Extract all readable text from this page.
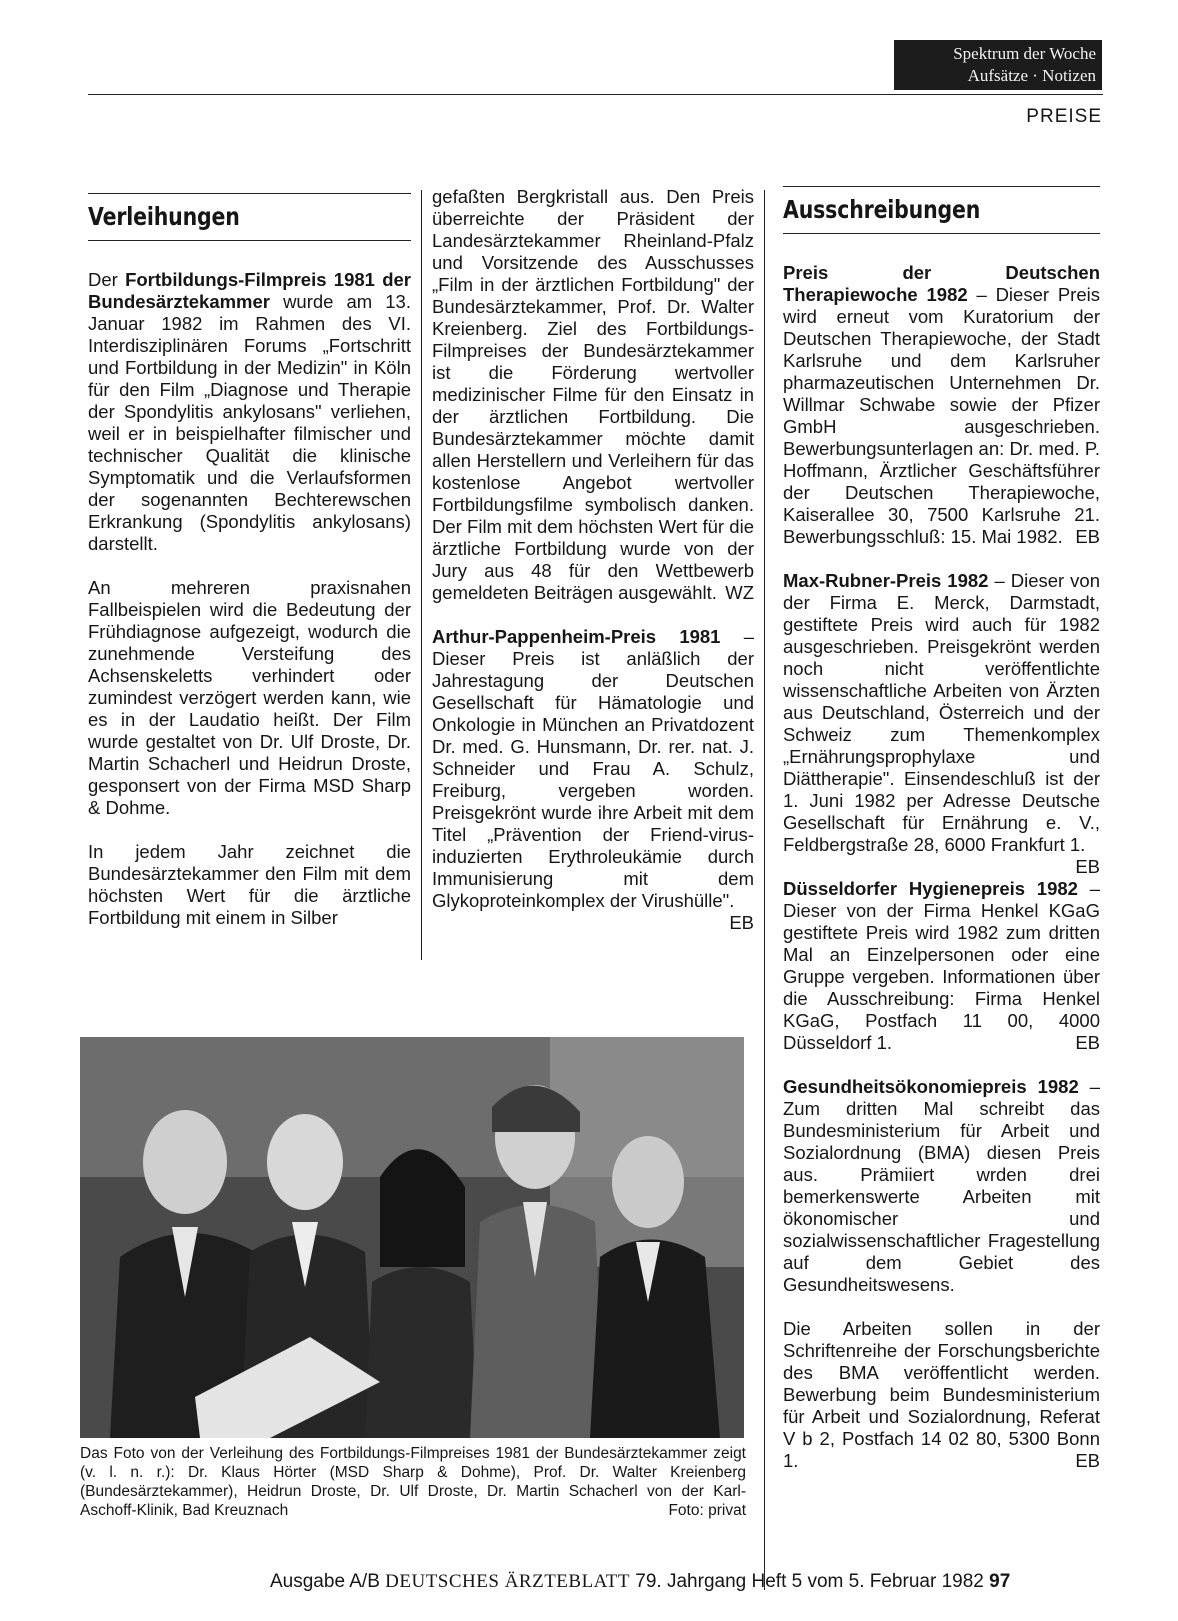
Spektrum der Woche
Aufsätze · Notizen
PREISE
Verleihungen

Der Fortbildungs-Filmpreis 1981 der Bundesärztekammer wurde am 13. Januar 1982 im Rahmen des VI. Interdisziplinären Forums „Fortschritt und Fortbildung in der Medizin" in Köln für den Film „Diagnose und Therapie der Spondylitis ankylosans" verliehen, weil er in beispielhafter filmischer und technischer Qualität die klinische Symptomatik und die Verlaufsformen der sogenannten Bechterewschen Erkrankung (Spondylitis ankylosans) darstellt.

An mehreren praxisnahen Fallbeispielen wird die Bedeutung der Frühdiagnose aufgezeigt, wodurch die zunehmende Versteifung des Achsenskeletts verhindert oder zumindest verzögert werden kann, wie es in der Laudatio heißt. Der Film wurde gestaltet von Dr. Ulf Droste, Dr. Martin Schacherl und Heidrun Droste, gesponsert von der Firma MSD Sharp & Dohme.

In jedem Jahr zeichnet die Bundesärztekammer den Film mit dem höchsten Wert für die ärztliche Fortbildung mit einem in Silber

gefaßten Bergkristall aus. Den Preis überreichte der Präsident der Landesärztekammer Rheinland-Pfalz und Vorsitzende des Ausschusses „Film in der ärztlichen Fortbildung" der Bundesärztekammer, Prof. Dr. Walter Kreienberg. Ziel des Fortbildungs-Filmpreises der Bundesärztekammer ist die Förderung wertvoller medizinischer Filme für den Einsatz in der ärztlichen Fortbildung. Die Bundesärztekammer möchte damit allen Herstellern und Verleihern für das kostenlose Angebot wertvoller Fortbildungsfilme symbolisch danken. Der Film mit dem höchsten Wert für die ärztliche Fortbildung wurde von der Jury aus 48 für den Wettbewerb gemeldeten Beiträgen ausgewählt. WZ

Arthur-Pappenheim-Preis 1981 – Dieser Preis ist anläßlich der Jahrestagung der Deutschen Gesellschaft für Hämatologie und Onkologie in München an Privatdozent Dr. med. G. Hunsmann, Dr. rer. nat. J. Schneider und Frau A. Schulz, Freiburg, vergeben worden. Preisgekrönt wurde ihre Arbeit mit dem Titel „Prävention der Friend-virus-induzierten Erythroleukämie durch Immunisierung mit dem Glykoproteinkomplex der Virushülle".
EB

Ausschreibungen

Preis der Deutschen Therapiewoche 1982 – Dieser Preis wird erneut vom Kuratorium der Deutschen Therapiewoche, der Stadt Karlsruhe und dem Karlsruher pharmazeutischen Unternehmen Dr. Willmar Schwabe sowie der Pfizer GmbH ausgeschrieben. Bewerbungsunterlagen an: Dr. med. P. Hoffmann, Ärztlicher Geschäftsführer der Deutschen Therapiewoche, Kaiserallee 30, 7500 Karlsruhe 21. Bewerbungsschluß: 15. Mai 1982. EB

Max-Rubner-Preis 1982 – Dieser von der Firma E. Merck, Darmstadt, gestiftete Preis wird auch für 1982 ausgeschrieben. Preisgekrönt werden noch nicht veröffentlichte wissenschaftliche Arbeiten von Ärzten aus Deutschland, Österreich und der Schweiz zum Themenkomplex „Ernährungsprophylaxe und Diättherapie". Einsendeschluß ist der 1. Juni 1982 per Adresse Deutsche Gesellschaft für Ernährung e. V., Feldbergstraße 28, 6000 Frankfurt 1.
EB

Düsseldorfer Hygienepreis 1982 – Dieser von der Firma Henkel KGaG gestiftete Preis wird 1982 zum dritten Mal an Einzelpersonen oder eine Gruppe vergeben. Informationen über die Ausschreibung: Firma Henkel KGaG, Postfach 11 00, 4000 Düsseldorf 1.	EB

Gesundheitsökonomiepreis 1982 – Zum dritten Mal schreibt das Bundesministerium für Arbeit und Sozialordnung (BMA) diesen Preis aus. Prämiiert wrden drei bemerkenswerte Arbeiten mit ökonomischer und sozialwissenschaftlicher Fragestellung auf dem Gebiet des Gesundheitswesens.

Die Arbeiten sollen in der Schriftenreihe der Forschungsberichte des BMA veröffentlicht werden. Bewerbung beim Bundesministerium für Arbeit und Sozialordnung, Referat V b 2, Postfach 14 02 80, 5300 Bonn 1.	EB

Das Foto von der Verleihung des Fortbildungs-Filmpreises 1981 der Bundesärztekammer zeigt (v. l. n. r.): Dr. Klaus Hörter (MSD Sharp & Dohme), Prof. Dr. Walter Kreienberg (Bundesärztekammer), Heidrun Droste, Dr. Ulf Droste, Dr. Martin Schacherl von der Karl-Aschoff-Klinik, Bad Kreuznach	Foto: privat
Ausgabe A/B DEUTSCHES ÄRZTEBLATT 79. Jahrgang Heft 5 vom 5. Februar 1982 97
